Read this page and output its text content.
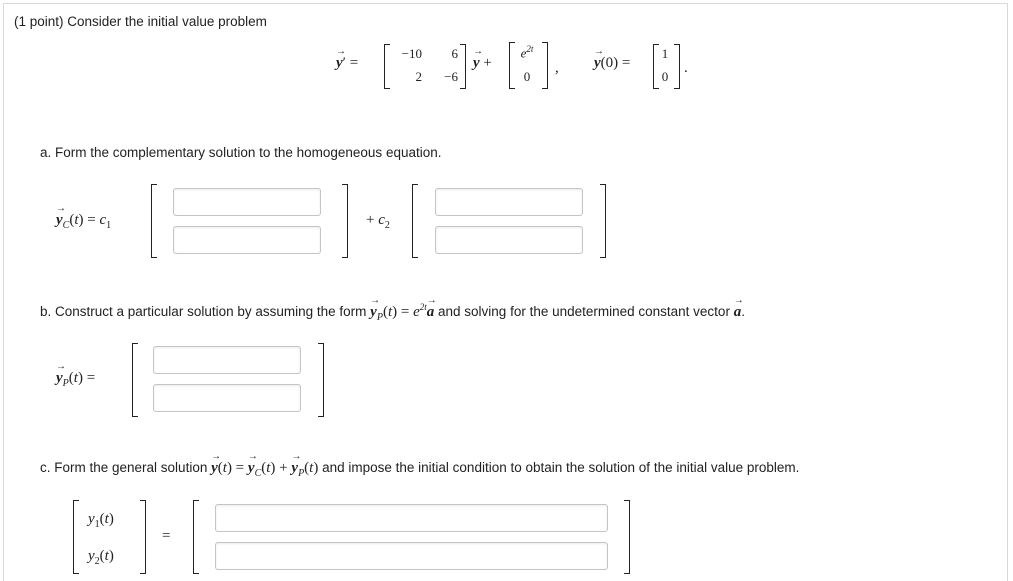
(1 point) Consider the initial value problem
y →′ =
−10	6
2	−6
y → +
$e^{2t}$
0
, y →(0) =
1
0
.
a. Form the complementary solution to the homogeneous equation.
$y \to_C(t) = c_1$	+ $c_2$
b. Construct a particular solution by assuming the form $y \to_P(t) = e^{2t}a$ → and solving for the undetermined constant vector a →.
$y \to_P(t)$ =
c. Form the general solution $y \to(t) = y \to_C(t) + y \to_P(t)$ and impose the initial condition to obtain the solution of the initial value problem.
$y_1(t)$
$y_2(t)$
=
